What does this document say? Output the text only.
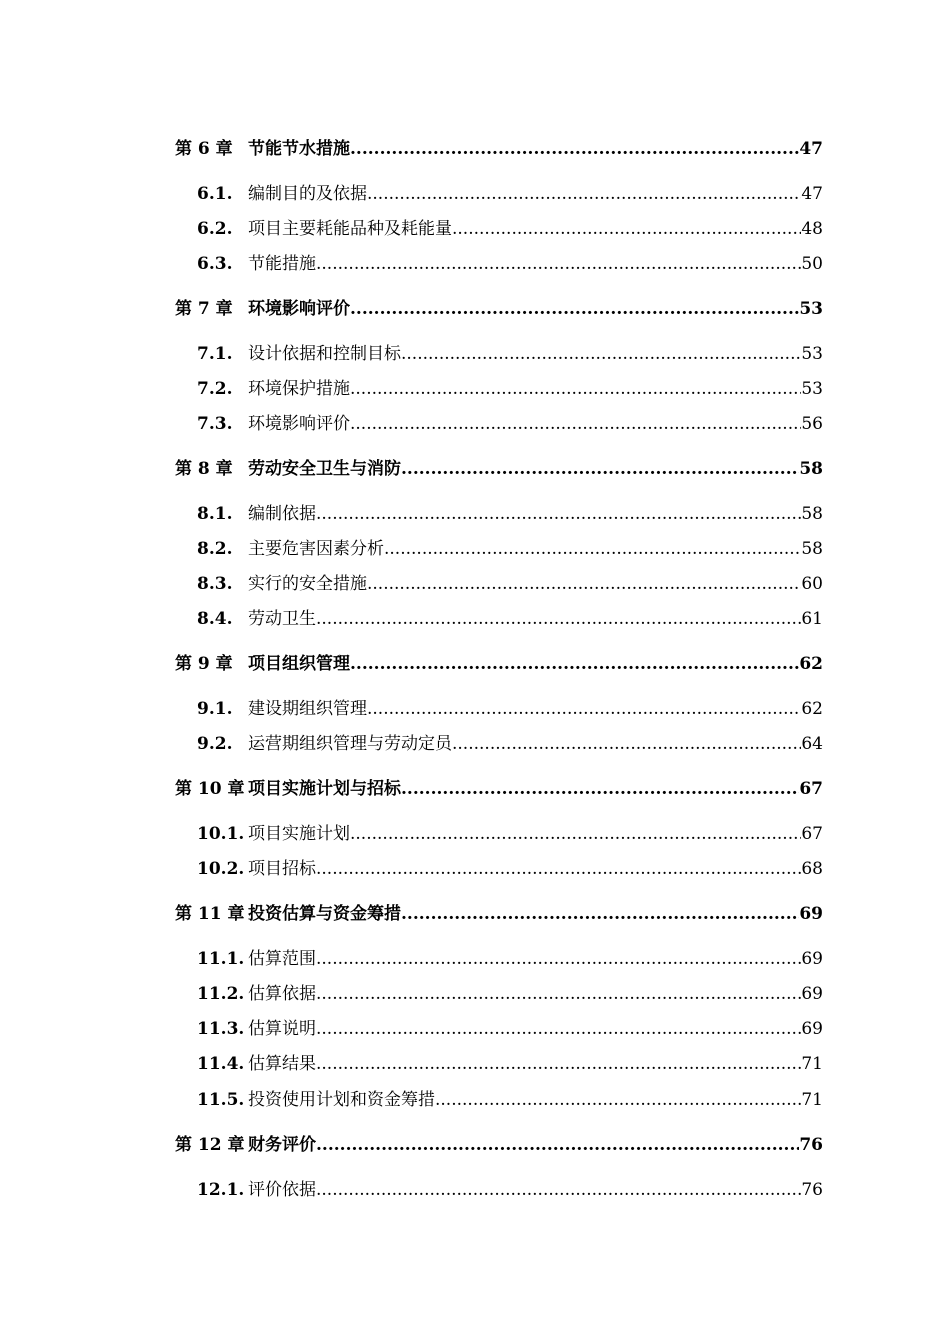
第 6 章 节能节水措施 .....	47
6.1. 编制目的及依据 .....	47
6.2. 项目主要耗能品种及耗能量 .....	48
6.3. 节能措施 .....	50
第 7 章 环境影响评价 .....	53
7.1. 设计依据和控制目标 .....	53
7.2. 环境保护措施 .....	53
7.3. 环境影响评价 .....	56
第 8 章 劳动安全卫生与消防 .....	58
8.1. 编制依据 .....	58
8.2. 主要危害因素分析 .....	58
8.3. 实行的安全措施 .....	60
8.4. 劳动卫生 .....	61
第 9 章 项目组织管理 .....	62
9.1. 建设期组织管理 .....	62
9.2. 运营期组织管理与劳动定员 .....	64
第 10 章 项目实施计划与招标 .....	67
10.1. 项目实施计划 .....	67
10.2. 项目招标 .....	68
第 11 章 投资估算与资金筹措 .....	69
11.1. 估算范围 .....	69
11.2. 估算依据 .....	69
11.3. 估算说明 .....	69
11.4. 估算结果 .....	71
11.5. 投资使用计划和资金筹措 .....	71
第 12 章 财务评价 .....	76
12.1. 评价依据 .....	76
